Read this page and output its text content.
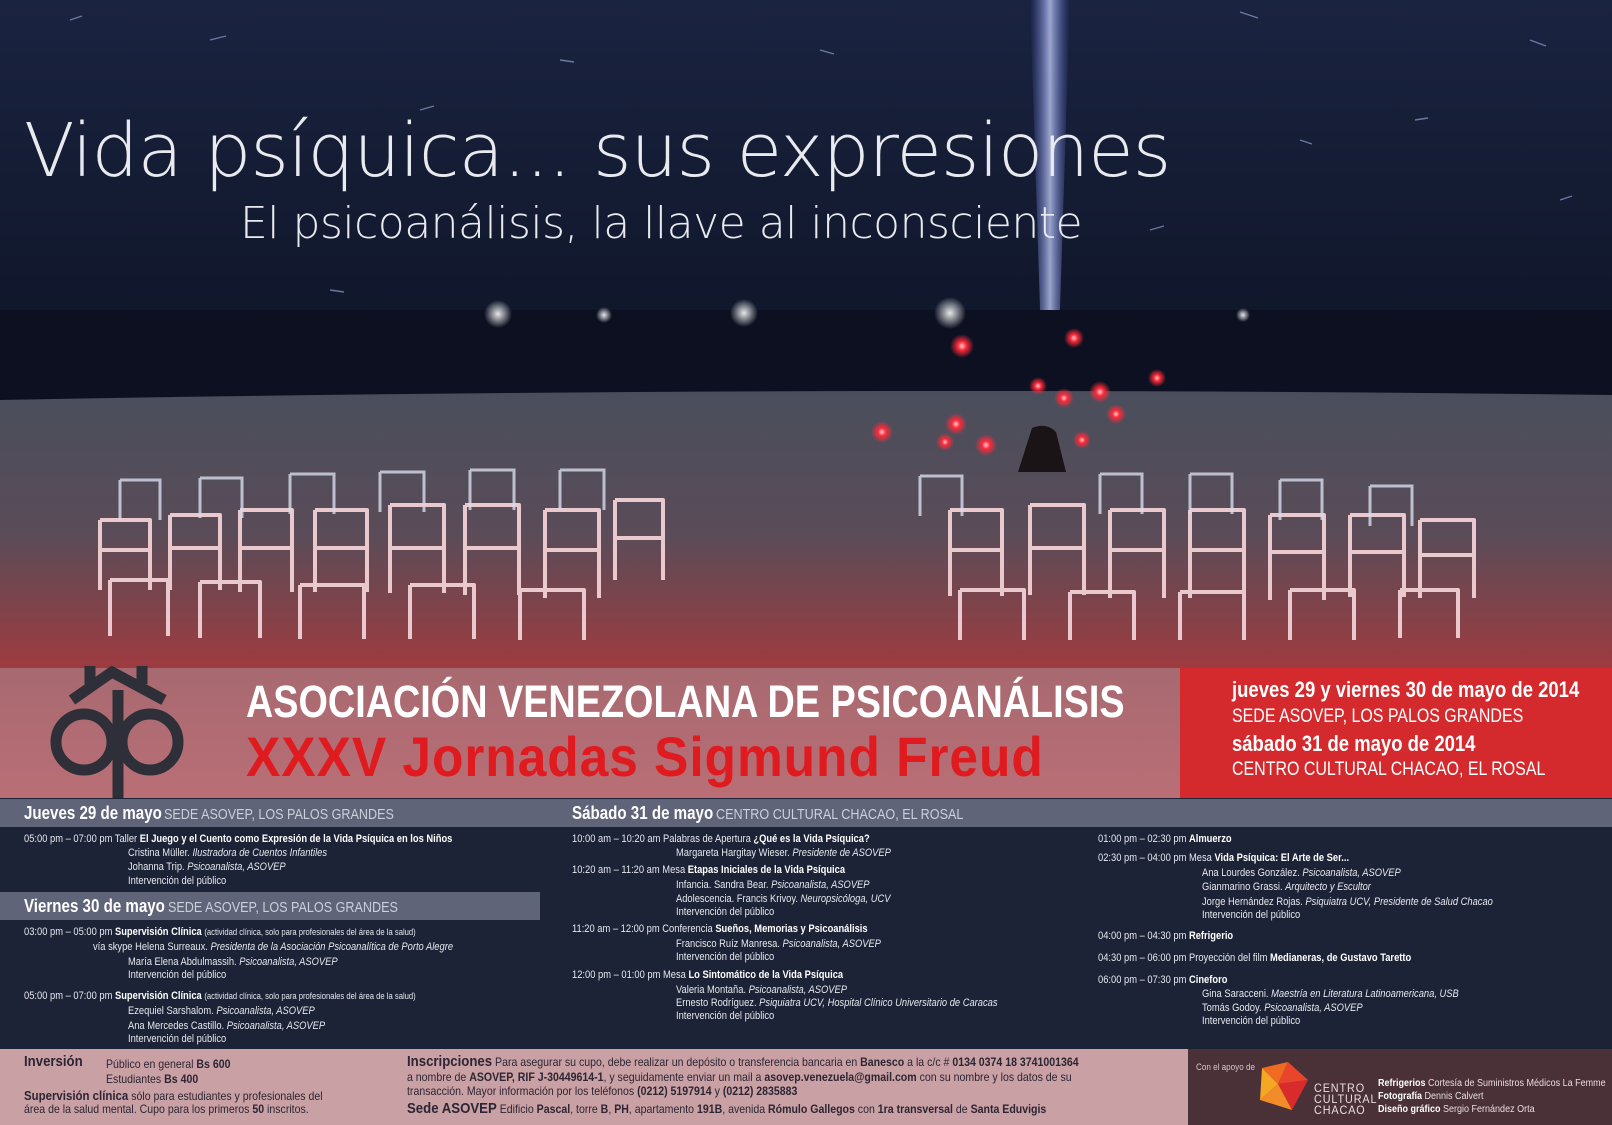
Vida psíquica... sus expresiones
El psicoanálisis, la llave al inconsciente
ASOCIACIÓN VENEZOLANA DE PSICOANÁLISIS
XXXV Jornadas Sigmund Freud
jueves 29 y viernes 30 de mayo de 2014
SEDE ASOVEP, LOS PALOS GRANDES
sábado 31 de mayo de 2014
CENTRO CULTURAL CHACAO, EL ROSAL
Jueves 29 de mayo SEDE ASOVEP, LOS PALOS GRANDES
05:00 pm – 07:00 pm Taller El Juego y el Cuento como Expresión de la Vida Psíquica en los Niños
Cristina Müller. Ilustradora de Cuentos Infantiles
Johanna Trip. Psicoanalista, ASOVEP
Intervención del público
Viernes 30 de mayo SEDE ASOVEP, LOS PALOS GRANDES
03:00 pm – 05:00 pm Supervisión Clínica (actividad clínica, solo para profesionales del área de la salud)
vía skype Helena Surreaux. Presidenta de la Asociación Psicoanalítica de Porto Alegre
María Elena Abdulmassih. Psicoanalista, ASOVEP
Intervención del público
05:00 pm – 07:00 pm Supervisión Clínica (actividad clínica, solo para profesionales del área de la salud)
Ezequiel Sarshalom. Psicoanalista, ASOVEP
Ana Mercedes Castillo. Psicoanalista, ASOVEP
Intervención del público
Sábado 31 de mayo CENTRO CULTURAL CHACAO, EL ROSAL
10:00 am – 10:20 am Palabras de Apertura ¿Qué es la Vida Psíquica?
Margareta Hargitay Wieser. Presidente de ASOVEP
10:20 am – 11:20 am Mesa Etapas Iniciales de la Vida Psíquica
Infancia. Sandra Bear. Psicoanalista, ASOVEP
Adolescencia. Francis Krivoy. Neuropsicóloga, UCV
Intervención del público
11:20 am – 12:00 pm Conferencia Sueños, Memorias y Psicoanálisis
Francisco Ruíz Manresa. Psicoanalista, ASOVEP
Intervención del público
12:00 pm – 01:00 pm Mesa Lo Sintomático de la Vida Psíquica
Valeria Montaña. Psicoanalista, ASOVEP
Ernesto Rodríguez. Psiquiatra UCV, Hospital Clínico Universitario de Caracas
Intervención del público
01:00 pm – 02:30 pm Almuerzo
02:30 pm – 04:00 pm Mesa Vida Psíquica: El Arte de Ser...
Ana Lourdes González. Psicoanalista, ASOVEP
Gianmarino Grassi. Arquitecto y Escultor
Jorge Hernández Rojas. Psiquiatra UCV, Presidente de Salud Chacao
Intervención del público
04:00 pm – 04:30 pm Refrigerio
04:30 pm – 06:00 pm Proyección del film Medianeras, de Gustavo Taretto
06:00 pm – 07:30 pm Cineforo
Gina Saracceni. Maestría en Literatura Latinoamericana, USB
Tomás Godoy. Psicoanalista, ASOVEP
Intervención del público
Inversión Público en general Bs 600
Estudiantes Bs 400
Supervisión clínica sólo para estudiantes y profesionales del
área de la salud mental. Cupo para los primeros 50 inscritos.
Inscripciones Para asegurar su cupo, debe realizar un depósito o transferencia bancaria en Banesco a la c/c # 0134 0374 18 3741001364
a nombre de ASOVEP, RIF J-30449614-1, y seguidamente enviar un mail a asovep.venezuela@gmail.com con su nombre y los datos de su
transacción. Mayor información por los teléfonos (0212) 5197914 y (0212) 2835883
Sede ASOVEP Edificio Pascal, torre B, PH, apartamento 191B, avenida Rómulo Gallegos con 1ra transversal de Santa Eduvigis
Con el apoyo de
CENTRO
CULTURAL
CHACAO
Refrigerios Cortesía de Suministros Médicos La Femme
Fotografía Dennis Calvert
Diseño gráfico Sergio Fernández Orta
